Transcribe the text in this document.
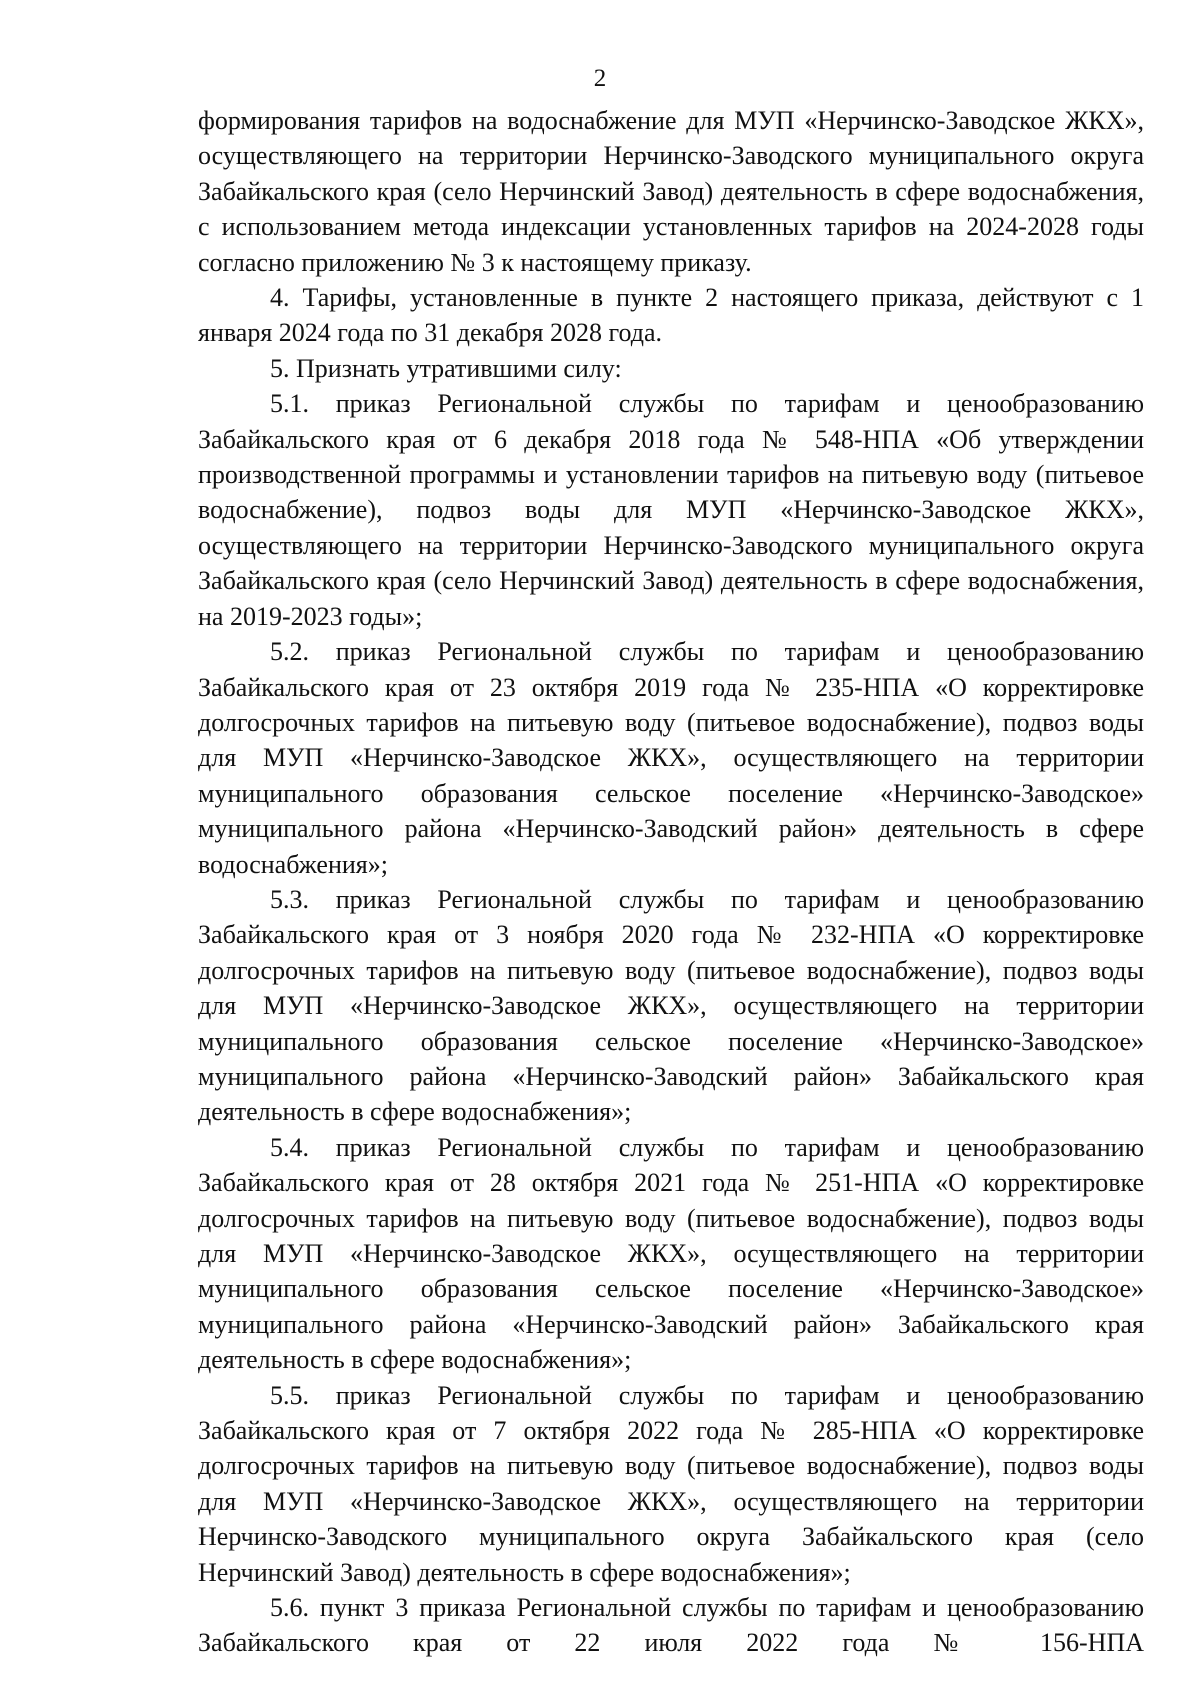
2

формирования тарифов на водоснабжение для МУП «Нерчинско-Заводское ЖКХ», осуществляющего на территории Нерчинско-Заводского муниципального округа Забайкальского края (село Нерчинский Завод) деятельность в сфере водоснабжения, с использованием метода индексации установленных тарифов на 2024-2028 годы согласно приложению № 3 к настоящему приказу.

4. Тарифы, установленные в пункте 2 настоящего приказа, действуют с 1 января 2024 года по 31 декабря 2028 года.

5. Признать утратившими силу:

5.1. приказ Региональной службы по тарифам и ценообразованию Забайкальского края от 6 декабря 2018 года № 548-НПА «Об утверждении производственной программы и установлении тарифов на питьевую воду (питьевое водоснабжение), подвоз воды для МУП «Нерчинско-Заводское ЖКХ», осуществляющего на территории Нерчинско-Заводского муниципального округа Забайкальского края (село Нерчинский Завод) деятельность в сфере водоснабжения, на 2019-2023 годы»;

5.2. приказ Региональной службы по тарифам и ценообразованию Забайкальского края от 23 октября 2019 года № 235-НПА «О корректировке долгосрочных тарифов на питьевую воду (питьевое водоснабжение), подвоз воды для МУП «Нерчинско-Заводское ЖКХ», осуществляющего на территории муниципального образования сельское поселение «Нерчинско-Заводское» муниципального района «Нерчинско-Заводский район» деятельность в сфере водоснабжения»;

5.3. приказ Региональной службы по тарифам и ценообразованию Забайкальского края от 3 ноября 2020 года № 232-НПА «О корректировке долгосрочных тарифов на питьевую воду (питьевое водоснабжение), подвоз воды для МУП «Нерчинско-Заводское ЖКХ», осуществляющего на территории муниципального образования сельское поселение «Нерчинско-Заводское» муниципального района «Нерчинско-Заводский район» Забайкальского края деятельность в сфере водоснабжения»;

5.4. приказ Региональной службы по тарифам и ценообразованию Забайкальского края от 28 октября 2021 года № 251-НПА «О корректировке долгосрочных тарифов на питьевую воду (питьевое водоснабжение), подвоз воды для МУП «Нерчинско-Заводское ЖКХ», осуществляющего на территории муниципального образования сельское поселение «Нерчинско-Заводское» муниципального района «Нерчинско-Заводский район» Забайкальского края деятельность в сфере водоснабжения»;

5.5. приказ Региональной службы по тарифам и ценообразованию Забайкальского края от 7 октября 2022 года № 285-НПА «О корректировке долгосрочных тарифов на питьевую воду (питьевое водоснабжение), подвоз воды для МУП «Нерчинско-Заводское ЖКХ», осуществляющего на территории Нерчинско-Заводского муниципального округа Забайкальского края (село Нерчинский Завод) деятельность в сфере водоснабжения»;

5.6. пункт 3 приказа Региональной службы по тарифам и ценообразованию Забайкальского края от 22 июля 2022 года № 156-НПА
